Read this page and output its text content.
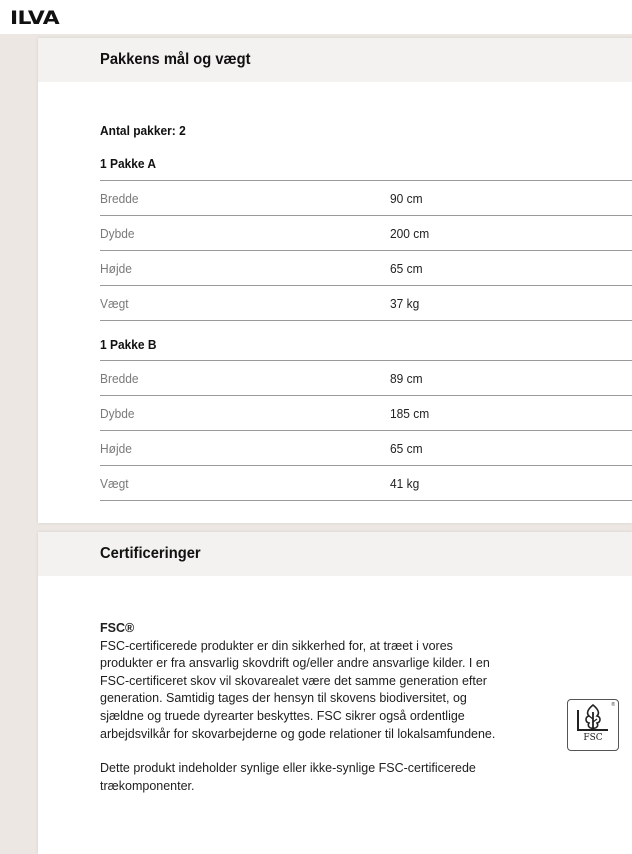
ILVA
Pakkens mål og vægt
Antal pakker: 2
1 Pakke A
Bredde	90 cm
Dybde	200 cm
Højde	65 cm
Vægt	37 kg
1 Pakke B
Bredde	89 cm
Dybde	185 cm
Højde	65 cm
Vægt	41 kg
Certificeringer

FSC®

FSC-certificerede produkter er din sikkerhed for, at træet i vores produkter er fra ansvarlig skovdrift og/eller andre ansvarlige kilder. I en FSC-certificeret skov vil skovarealet være det samme generation efter generation. Samtidig tages der hensyn til skovens biodiversitet, og sjældne og truede dyrearter beskyttes. FSC sikrer også ordentlige arbejdsvilkår for skovarbejderne og gode relationer til lokalsamfundene.

Dette produkt indeholder synlige eller ikke-synlige FSC-certificerede trækomponenter.

®
FSC
